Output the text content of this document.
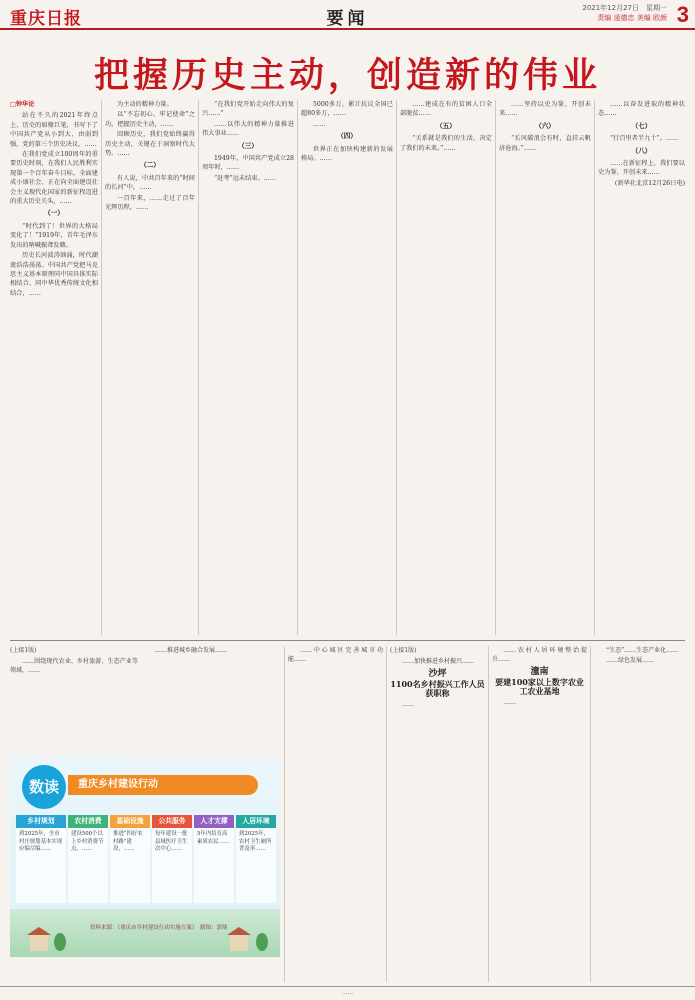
重庆日报	要闻
2021年12月27日　星期一
责编 逯德忠 美编 欧颜 3
把握历史主动，创造新的伟业
□钟华论

站在不久的2021年终点上，历史的如椽巨笔，书写下了中国共产党从小到大、由弱到强，党的第三个历史决议，……

在我们党成立100周年的重要历史时刻，在我们人民胜利实现第一个百年奋斗目标、全面建成小康社会、正在向全面建设社会主义现代化国家的新征程迈进的重大历史关头，……

（一）

“时代到了！世界的大格局变化了！”1919年，青年毛泽东发出的呐喊振聋发聩。

历史长河波涛汹涌，时代潮流浩浩荡荡。中国共产党把马克思主义基本原理同中国具体实际相结合、同中华优秀传统文化相结合，……

为主动的精神力量。

以“不忘初心、牢记使命”之功，把握历史主动，……

回顾历史，我们党始终赢得历史主动，关键在于洞察时代大势。……

（二）

有人说，中共百年来的“时间的长河”中，……

一百年来，……走过了百年光辉历程，……

“在我们党开始走向伟大的复兴……”

……以伟大的精神力量推进伟大事业……

（三）

1949年，中国共产党成立28周年时，……

“赶考”远未结束。……

5000多万，累计抗议全国已超80多万，……

……

（四）

世界正在加快构建新的发展格局。……

……建成在有的贫困人口全部脱贫……

（五）

“关系就是我们的生活，决定了我们的未来。”……

……坚持以史为鉴、开创未来……

（六）

“长风破浪会有时，直挂云帆济沧海。”……

……以奋发进取的精神状态……

（七）

“行百里者半九十”。……

（八）

……在新征程上，我们要以史为鉴、开创未来……

(新华社北京12月26日电)

(上接1版)

……围绕现代农业、乡村旅游、生态产业等领域，……

……推进城乡融合发展……

数读	重庆乡村建设行动
乡村规划
到2025年，全市村庄规划基本实现应编尽编……
农村消费
建设500个以上乡村消费节点，……
基础设施
推进“四好农村路”建设，……
公共服务
每年建设一批县域医疗卫生次中心……
人才支撑
5年内培育高素质农民……
人居环境
到2025年，农村卫生厕所普及率……
资料来源：《重庆市乡村建设行动实施方案》　制图：郭鼎

……中心城区完善城市功能……

(上接1版)

……加快推进乡村振兴……

沙坪
1100名乡村振兴工作人员获职称

……

……农村人居环境整治提升……

潼南
要建100家以上数字农业工农业基地

……

“生态”……生态产业化……

……绿色发展……

……
